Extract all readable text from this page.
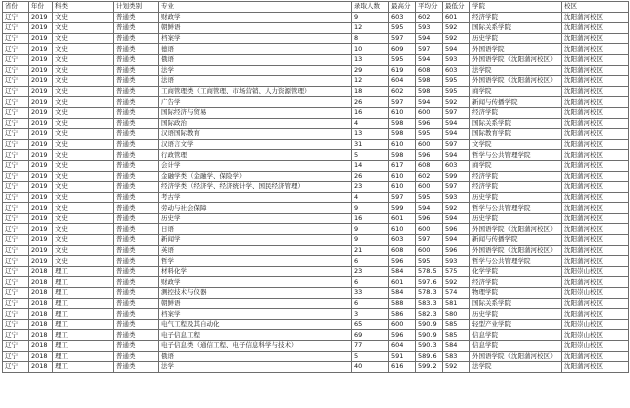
省份	年份	科类	计划类别	专业	录取人数	最高分	平均分	最低分	学院	校区
辽宁	2019	文史	普通类	财政学	9	603	602	601	经济学院	沈阳蒲河校区
辽宁	2019	文史	普通类	朝鲜语	12	595	593	592	国际关系学院	沈阳蒲河校区
辽宁	2019	文史	普通类	档案学	8	597	594	592	历史学院	沈阳蒲河校区
辽宁	2019	文史	普通类	德语	10	609	597	594	外国语学院	沈阳蒲河校区
辽宁	2019	文史	普通类	俄语	13	595	594	593	外国语学院（沈阳蒲河校区）	沈阳蒲河校区
辽宁	2019	文史	普通类	法学	29	619	608	603	法学院	沈阳蒲河校区
辽宁	2019	文史	普通类	法语	12	604	598	595	外国语学院（沈阳蒲河校区）	沈阳蒲河校区
辽宁	2019	文史	普通类	工商管理类（工商管理、市场营销、人力资源管理）	18	602	598	595	商学院	沈阳蒲河校区
辽宁	2019	文史	普通类	广告学	26	597	594	592	新闻与传播学院	沈阳蒲河校区
辽宁	2019	文史	普通类	国际经济与贸易	16	610	600	597	经济学院	沈阳蒲河校区
辽宁	2019	文史	普通类	国际政治	4	598	596	594	国际关系学院	沈阳蒲河校区
辽宁	2019	文史	普通类	汉语国际教育	13	598	595	594	国际教育学院	沈阳蒲河校区
辽宁	2019	文史	普通类	汉语言文学	31	610	600	597	文学院	沈阳蒲河校区
辽宁	2019	文史	普通类	行政管理	5	598	596	594	哲学与公共管理学院	沈阳蒲河校区
辽宁	2019	文史	普通类	会计学	14	617	608	603	商学院	沈阳蒲河校区
辽宁	2019	文史	普通类	金融学类（金融学、保险学）	26	610	602	599	经济学院	沈阳蒲河校区
辽宁	2019	文史	普通类	经济学类（经济学、经济统计学、国民经济管理）	23	610	600	597	经济学院	沈阳蒲河校区
辽宁	2019	文史	普通类	考古学	4	597	595	593	历史学院	沈阳蒲河校区
辽宁	2019	文史	普通类	劳动与社会保障	9	599	594	592	哲学与公共管理学院	沈阳蒲河校区
辽宁	2019	文史	普通类	历史学	16	601	596	594	历史学院	沈阳蒲河校区
辽宁	2019	文史	普通类	日语	9	610	600	596	外国语学院（沈阳蒲河校区）	沈阳蒲河校区
辽宁	2019	文史	普通类	新闻学	9	603	597	594	新闻与传播学院	沈阳蒲河校区
辽宁	2019	文史	普通类	英语	21	608	600	596	外国语学院（沈阳蒲河校区）	沈阳蒲河校区
辽宁	2019	文史	普通类	哲学	6	596	595	593	哲学与公共管理学院	沈阳蒲河校区
辽宁	2018	理工	普通类	材料化学	23	584	578.5	575	化学学院	沈阳崇山校区
辽宁	2018	理工	普通类	财政学	6	601	597.6	592	经济学院	沈阳蒲河校区
辽宁	2018	理工	普通类	测控技术与仪器	33	584	578.3	574	物理学院	沈阳崇山校区
辽宁	2018	理工	普通类	朝鲜语	6	588	583.3	581	国际关系学院	沈阳蒲河校区
辽宁	2018	理工	普通类	档案学	3	586	582.3	580	历史学院	沈阳蒲河校区
辽宁	2018	理工	普通类	电气工程及其自动化	65	600	590.9	585	轻型产业学院	沈阳崇山校区
辽宁	2018	理工	普通类	电子信息工程	69	596	590.9	585	信息学院	沈阳崇山校区
辽宁	2018	理工	普通类	电子信息类（通信工程、电子信息科学与技术）	77	604	590.3	584	信息学院	沈阳崇山校区
辽宁	2018	理工	普通类	俄语	5	591	589.6	583	外国语学院（沈阳蒲河校区）	沈阳蒲河校区
辽宁	2018	理工	普通类	法学	40	616	599.2	592	法学院	沈阳蒲河校区
